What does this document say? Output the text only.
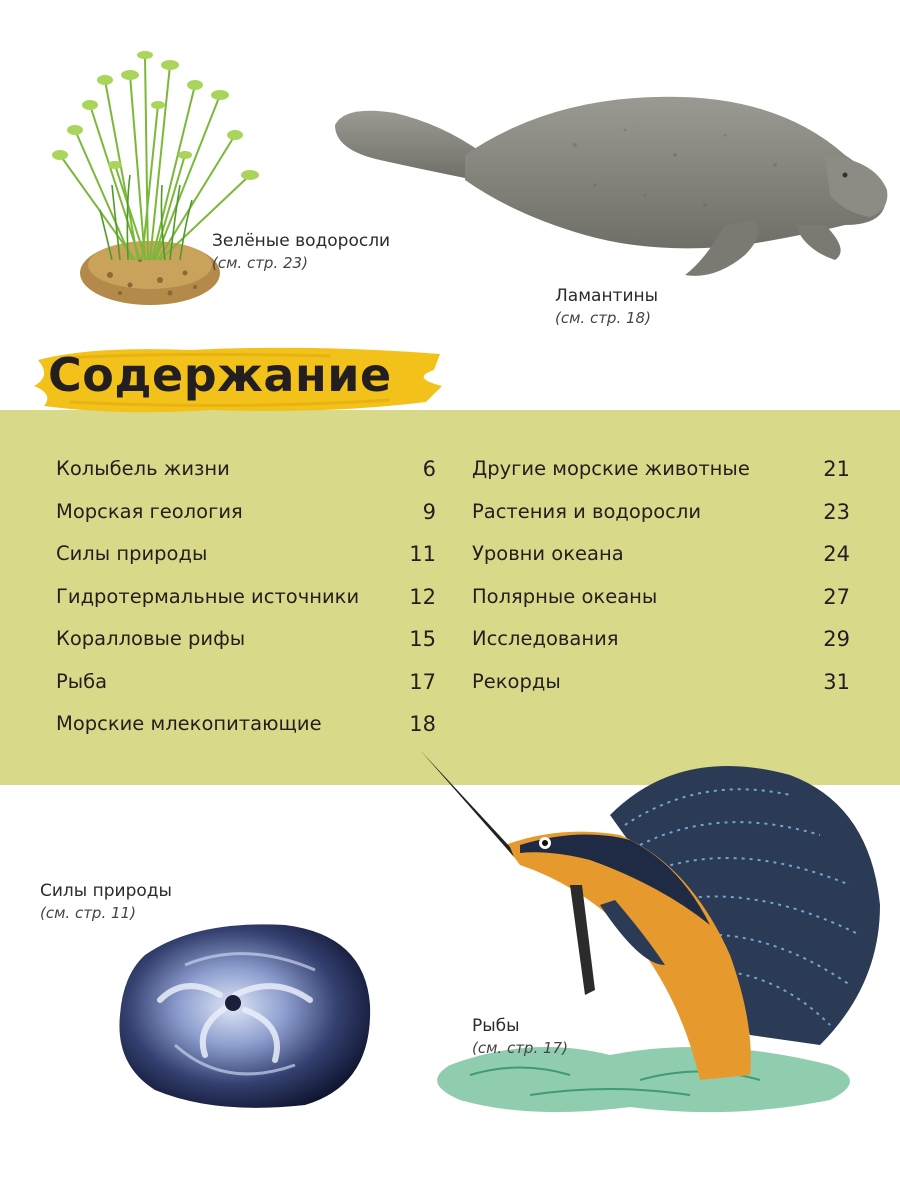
Зелёные водоросли
(см. стр. 23)
Ламантины
(см. стр. 18)
Содержание
Колыбель жизни	6
Морская геология	9
Силы природы	11
Гидротермальные источники 12
Коралловые рифы	15
Рыба	17
Морские млекопитающие	18
Другие морские животные	21
Растения и водоросли	23
Уровни океана	24
Полярные океаны	27
Исследования	29
Рекорды	31
Силы природы
(см. стр. 11)
Рыбы
(см. стр. 17)
